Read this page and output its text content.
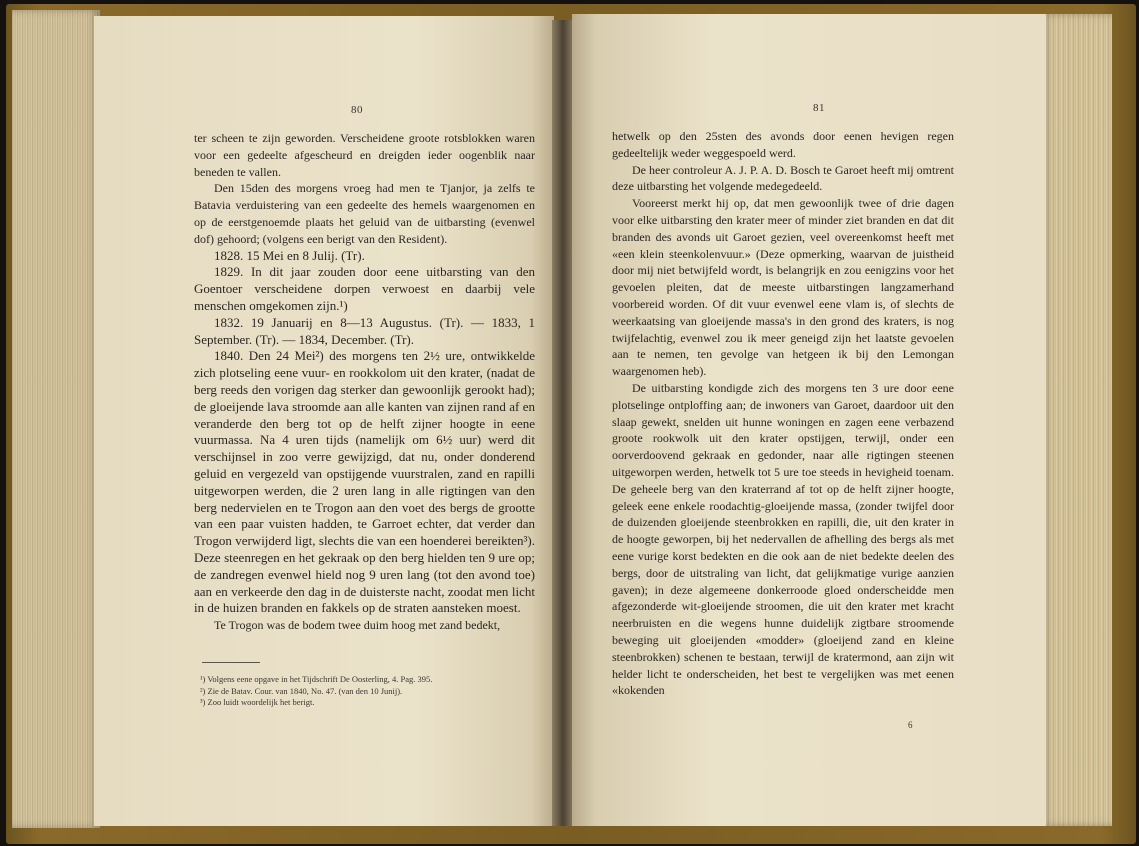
80

ter scheen te zijn geworden. Verscheidene groote rotsblokken waren voor een gedeelte afgescheurd en dreigden ieder oogenblik naar beneden te vallen.

Den 15den des morgens vroeg had men te Tjanjor, ja zelfs te Batavia verduistering van een gedeelte des hemels waargenomen en op de eerstgenoemde plaats het geluid van de uitbarsting (evenwel dof) gehoord; (volgens een berigt van den Resident).

1828. 15 Mei en 8 Julij. (Tr).

1829. In dit jaar zouden door eene uitbarsting van den Goentoer verscheidene dorpen verwoest en daarbij vele menschen omgekomen zijn.¹)

1832. 19 Januarij en 8—13 Augustus. (Tr). — 1833, 1 September. (Tr). — 1834, December. (Tr).

1840. Den 24 Mei²) des morgens ten 2½ ure, ontwikkelde zich plotseling eene vuur- en rookkolom uit den krater, (nadat de berg reeds den vorigen dag sterker dan gewoonlijk gerookt had); de gloeijende lava stroomde aan alle kanten van zijnen rand af en veranderde den berg tot op de helft zijner hoogte in eene vuurmassa. Na 4 uren tijds (namelijk om 6½ uur) werd dit verschijnsel in zoo verre gewijzigd, dat nu, onder donderend geluid en vergezeld van opstijgende vuurstralen, zand en rapilli uitgeworpen werden, die 2 uren lang in alle rigtingen van den berg nedervielen en te Trogon aan den voet des bergs de grootte van een paar vuisten hadden, te Garroet echter, dat verder dan Trogon verwijderd ligt, slechts die van een hoenderei bereikten³). Deze steenregen en het gekraak op den berg hielden ten 9 ure op; de zandregen evenwel hield nog 9 uren lang (tot den avond toe) aan en verkeerde den dag in de duisterste nacht, zoodat men licht in de huizen branden en fakkels op de straten aansteken moest.

Te Trogon was de bodem twee duim hoog met zand bedekt,

¹) Volgens eene opgave in het Tijdschrift De Oosterling, 4. Pag. 395.
²) Zie de Batav. Cour. van 1840, No. 47. (van den 10 Junij).
³) Zoo luidt woordelijk het berigt.
81

hetwelk op den 25sten des avonds door eenen hevigen regen gedeeltelijk weder weggespoeld werd.

De heer controleur A. J. P. A. D. Bosch te Garoet heeft mij omtrent deze uitbarsting het volgende medegedeeld.

Vooreerst merkt hij op, dat men gewoonlijk twee of drie dagen voor elke uitbarsting den krater meer of minder ziet branden en dat dit branden des avonds uit Garoet gezien, veel overeenkomst heeft met «een klein steenkolenvuur.» (Deze opmerking, waarvan de juistheid door mij niet betwijfeld wordt, is belangrijk en zou eenigzins voor het gevoelen pleiten, dat de meeste uitbarstingen langzamerhand voorbereid worden. Of dit vuur evenwel eene vlam is, of slechts de weerkaatsing van gloeijende massa's in den grond des kraters, is nog twijfelachtig, evenwel zou ik meer geneigd zijn het laatste gevoelen aan te nemen, ten gevolge van hetgeen ik bij den Lemongan waargenomen heb).

De uitbarsting kondigde zich des morgens ten 3 ure door eene plotselinge ontploffing aan; de inwoners van Garoet, daardoor uit den slaap gewekt, snelden uit hunne woningen en zagen eene verbazend groote rookwolk uit den krater opstijgen, terwijl, onder een oorverdoovend gekraak en gedonder, naar alle rigtingen steenen uitgeworpen werden, hetwelk tot 5 ure toe steeds in hevigheid toenam. De geheele berg van den kraterrand af tot op de helft zijner hoogte, geleek eene enkele roodachtig-gloeijende massa, (zonder twijfel door de duizenden gloeijende steenbrokken en rapilli, die, uit den krater in de hoogte geworpen, bij het nedervallen de afhelling des bergs als met eene vurige korst bedekten en die ook aan de niet bedekte deelen des bergs, door de uitstraling van licht, dat gelijkmatige vurige aanzien gaven); in deze algemeene donkerroode gloed onderscheidde men afgezonderde wit-gloeijende stroomen, die uit den krater met kracht neerbruisten en die wegens hunne duidelijk zigtbare stroomende beweging uit gloeijenden «modder» (gloeijend zand en kleine steenbrokken) schenen te bestaan, terwijl de kratermond, aan zijn wit helder licht te onderscheiden, het best te vergelijken was met eenen «kokenden

6
